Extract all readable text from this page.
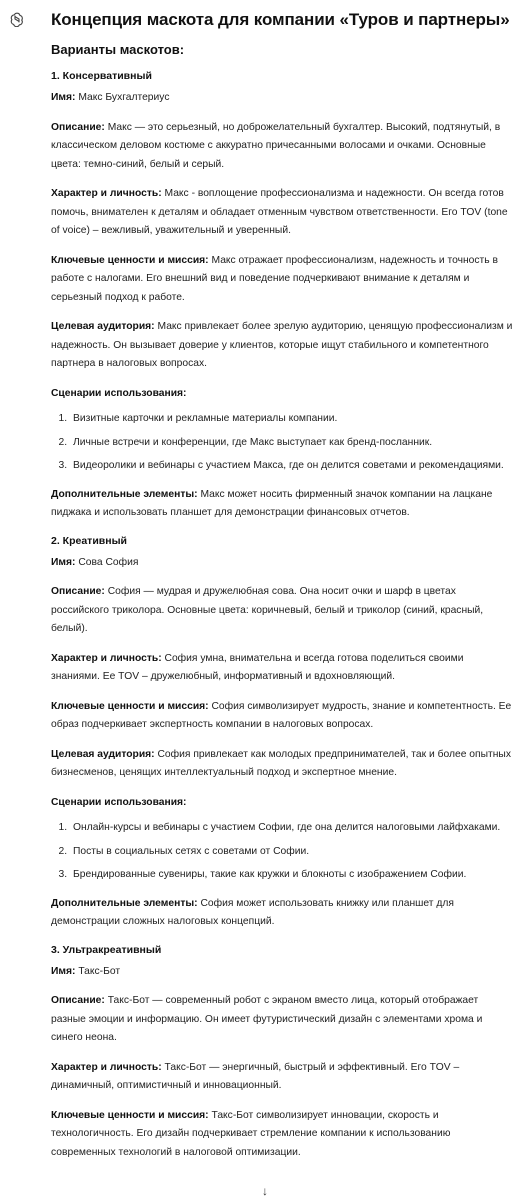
Концепция маскота для компании «Туров и партнеры»
Варианты маскотов:
1. Консервативный

Имя: Макс Бухгалтериус

Описание: Макс — это серьезный, но доброжелательный бухгалтер. Высокий, подтянутый, в классическом деловом костюме с аккуратно причесанными волосами и очками. Основные цвета: темно-синий, белый и серый.

Характер и личность: Макс - воплощение профессионализма и надежности. Он всегда готов помочь, внимателен к деталям и обладает отменным чувством ответственности. Его TOV (tone of voice) – вежливый, уважительный и уверенный.

Ключевые ценности и миссия: Макс отражает профессионализм, надежность и точность в работе с налогами. Его внешний вид и поведение подчеркивают внимание к деталям и серьезный подход к работе.

Целевая аудитория: Макс привлекает более зрелую аудиторию, ценящую профессионализм и надежность. Он вызывает доверие у клиентов, которые ищут стабильного и компетентного партнера в налоговых вопросах.

Сценарии использования:

1. Визитные карточки и рекламные материалы компании.
2. Личные встречи и конференции, где Макс выступает как бренд-посланник.
3. Видеоролики и вебинары с участием Макса, где он делится советами и рекомендациями.

Дополнительные элементы: Макс может носить фирменный значок компании на лацкане пиджака и использовать планшет для демонстрации финансовых отчетов.

2. Креативный

Имя: Сова София

Описание: София — мудрая и дружелюбная сова. Она носит очки и шарф в цветах российского триколора. Основные цвета: коричневый, белый и триколор (синий, красный, белый).

Характер и личность: София умна, внимательна и всегда готова поделиться своими знаниями. Ее TOV – дружелюбный, информативный и вдохновляющий.

Ключевые ценности и миссия: София символизирует мудрость, знание и компетентность. Ее образ подчеркивает экспертность компании в налоговых вопросах.

Целевая аудитория: София привлекает как молодых предпринимателей, так и более опытных бизнесменов, ценящих интеллектуальный подход и экспертное мнение.

Сценарии использования:

1. Онлайн-курсы и вебинары с участием Софии, где она делится налоговыми лайфхаками.
2. Посты в социальных сетях с советами от Софии.
3. Брендированные сувениры, такие как кружки и блокноты с изображением Софии.

Дополнительные элементы: София может использовать книжку или планшет для демонстрации сложных налоговых концепций.

3. Ультракреативный

Имя: Такс-Бот

Описание: Такс-Бот — современный робот с экраном вместо лица, который отображает разные эмоции и информацию. Он имеет футуристический дизайн с элементами хрома и синего неона.

Характер и личность: Такс-Бот — энергичный, быстрый и эффективный. Его TOV – динамичный, оптимистичный и инновационный.

Ключевые ценности и миссия: Такс-Бот символизирует инновации, скорость и технологичность. Его дизайн подчеркивает стремление компании к использованию современных технологий в налоговой оптимизации.

↓
